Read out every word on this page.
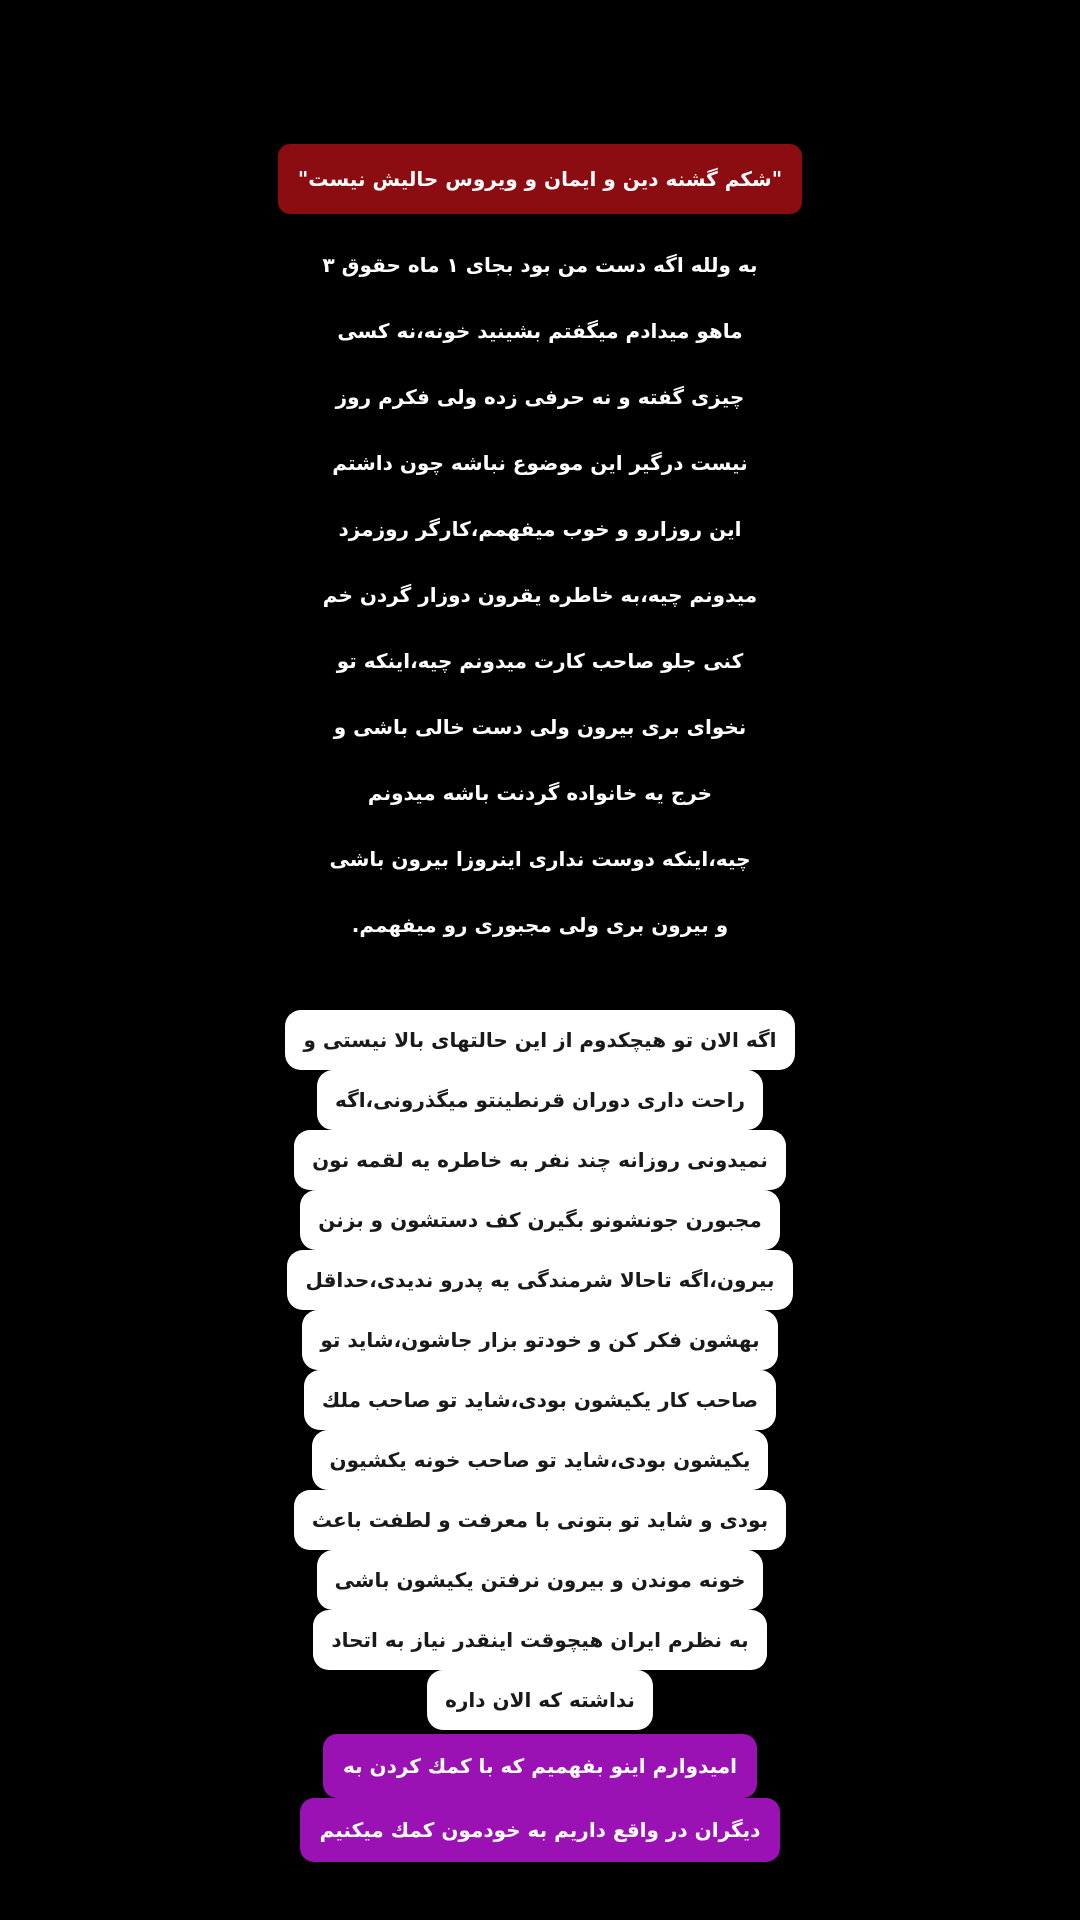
"شکم گشنه دین و ایمان و ویروس حالیش نیست"
به ولله اگه دست من بود بجای ۱ ماه حقوق ۳
ماهو میدادم میگفتم بشینید خونه،نه کسی
چیزی گفته و نه حرفی زده ولی فکرم روز
نیست درگیر این موضوع نباشه چون داشتم
این روزارو و خوب میفهمم،کارگر روزمزد
میدونم چیه،به خاطره یقرون دوزار گردن خم
کنی جلو صاحب کارت میدونم چیه،اینکه تو
نخوای بری بیرون ولی دست خالی باشی و
خرج یه خانواده گردنت باشه میدونم
چیه،اینکه دوست نداری اینروزا بیرون باشی
و بیرون بری ولی مجبوری رو میفهمم.
اگه الان تو هیچکدوم از این حالتهای بالا نیستی و
راحت داری دوران قرنطینتو میگذرونی،اگه
نمیدونی روزانه چند نفر به خاطره یه لقمه نون
مجبورن جونشونو بگیرن کف دستشون و بزنن
بیرون،اگه تاحالا شرمندگی یه پدرو ندیدی،حداقل
بهشون فکر کن و خودتو بزار جاشون،شاید تو
صاحب کار یکیشون بودی،شاید تو صاحب ملك
یکیشون بودی،شاید تو صاحب خونه یکشیون
بودی و شاید تو بتونی با معرفت و لطفت باعث
خونه موندن و بیرون نرفتن یکیشون باشی
به نظرم ایران هیچوقت اینقدر نیاز به اتحاد
نداشته که الان داره
امیدوارم اینو بفهمیم که با کمك کردن به
دیگران در واقع داریم به خودمون کمك میکنیم
